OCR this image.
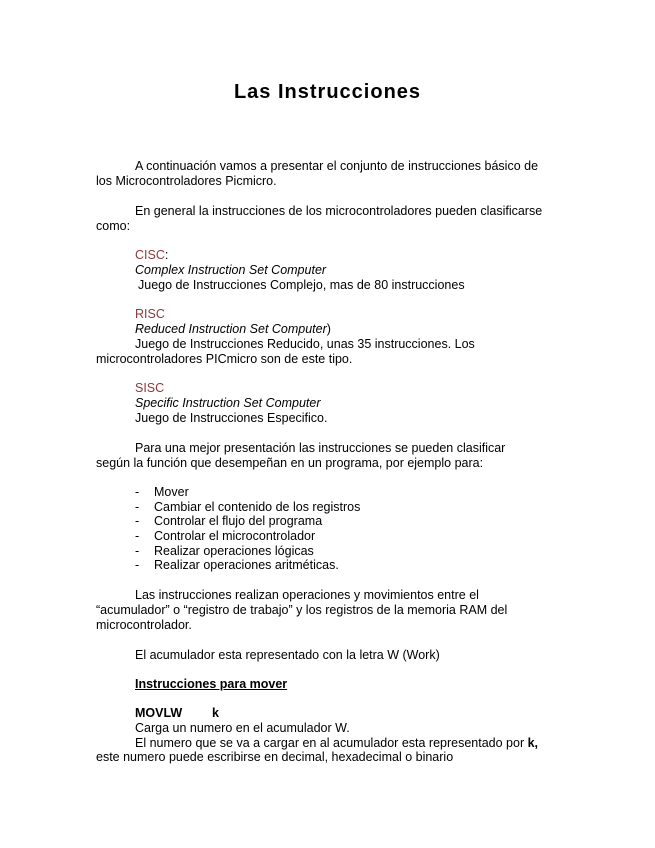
Las Instrucciones
A continuación vamos a presentar el conjunto de instrucciones básico de
los Microcontroladores Picmicro.
En general la instrucciones de los microcontroladores pueden clasificarse
como:
CISC:
Complex Instruction Set Computer
Juego de Instrucciones Complejo, mas de 80 instrucciones
RISC
Reduced Instruction Set Computer)
Juego de Instrucciones Reducido, unas 35 instrucciones. Los
microcontroladores PICmicro son de este tipo.
SISC
Specific Instruction Set Computer
Juego de Instrucciones Especifico.
Para una mejor presentación las instrucciones se pueden clasificar
según la función que desempeñan en un programa, por ejemplo para:
-	Mover
-	Cambiar el contenido de los registros
-	Controlar el flujo del programa
-	Controlar el microcontrolador
-	Realizar operaciones lógicas
-	Realizar operaciones aritméticas.
Las instrucciones realizan operaciones y movimientos entre el
“acumulador” o “registro de trabajo” y los registros de la memoria RAM del
microcontrolador.
El acumulador esta representado con la letra W (Work)
Instrucciones para mover
MOVLW k
Carga un numero en el acumulador W.
El numero que se va a cargar en al acumulador esta representado por k,
este numero puede escribirse en decimal, hexadecimal o binario
